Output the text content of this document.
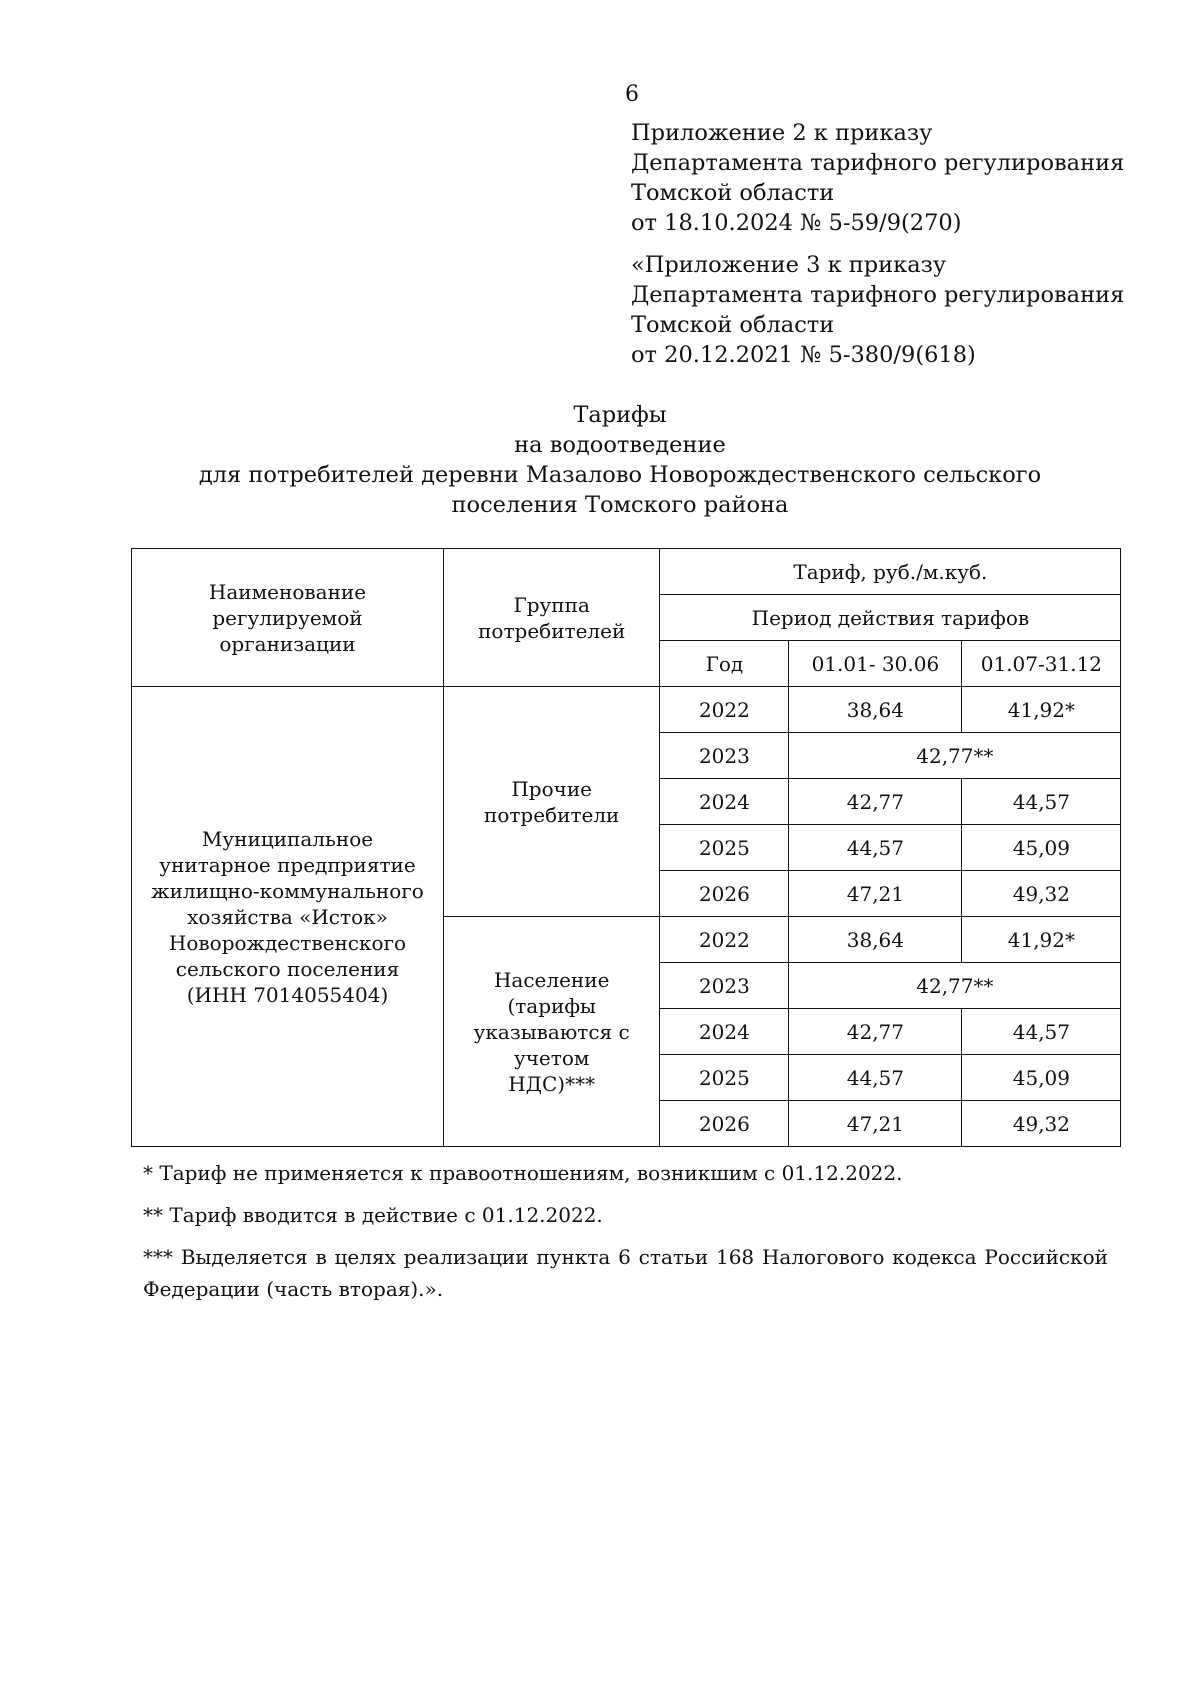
6
Приложение 2 к приказу
Департамента тарифного регулирования
Томской области
от 18.10.2024 № 5-59/9(270)
«Приложение 3 к приказу
Департамента тарифного регулирования
Томской области
от 20.12.2021 № 5-380/9(618)
Тарифы
на водоотведение
для потребителей деревни Мазалово Новорождественского сельского
поселения Томского района
Наименование регулируемой организации	Группа потребителей	Тариф, руб./м.куб.		
		Период действия тарифов		
		Год	01.01- 30.06	01.07-31.12
Муниципальное унитарное предприятие жилищно-коммунального хозяйства «Исток» Новорождественского сельского поселения (ИНН 7014055404)	Прочие потребители	2022	38,64	41,92*
		2023	42,77**	
		2024	42,77	44,57
		2025	44,57	45,09
		2026	47,21	49,32
	Население (тарифы указываются с учетом НДС)***	2022	38,64	41,92*
		2023	42,77**	
		2024	42,77	44,57
		2025	44,57	45,09
		2026	47,21	49,32

* Тариф не применяется к правоотношениям, возникшим с 01.12.2022.

** Тариф вводится в действие с 01.12.2022.

*** Выделяется в целях реализации пункта 6 статьи 168 Налогового кодекса Российской Федерации (часть вторая).».
